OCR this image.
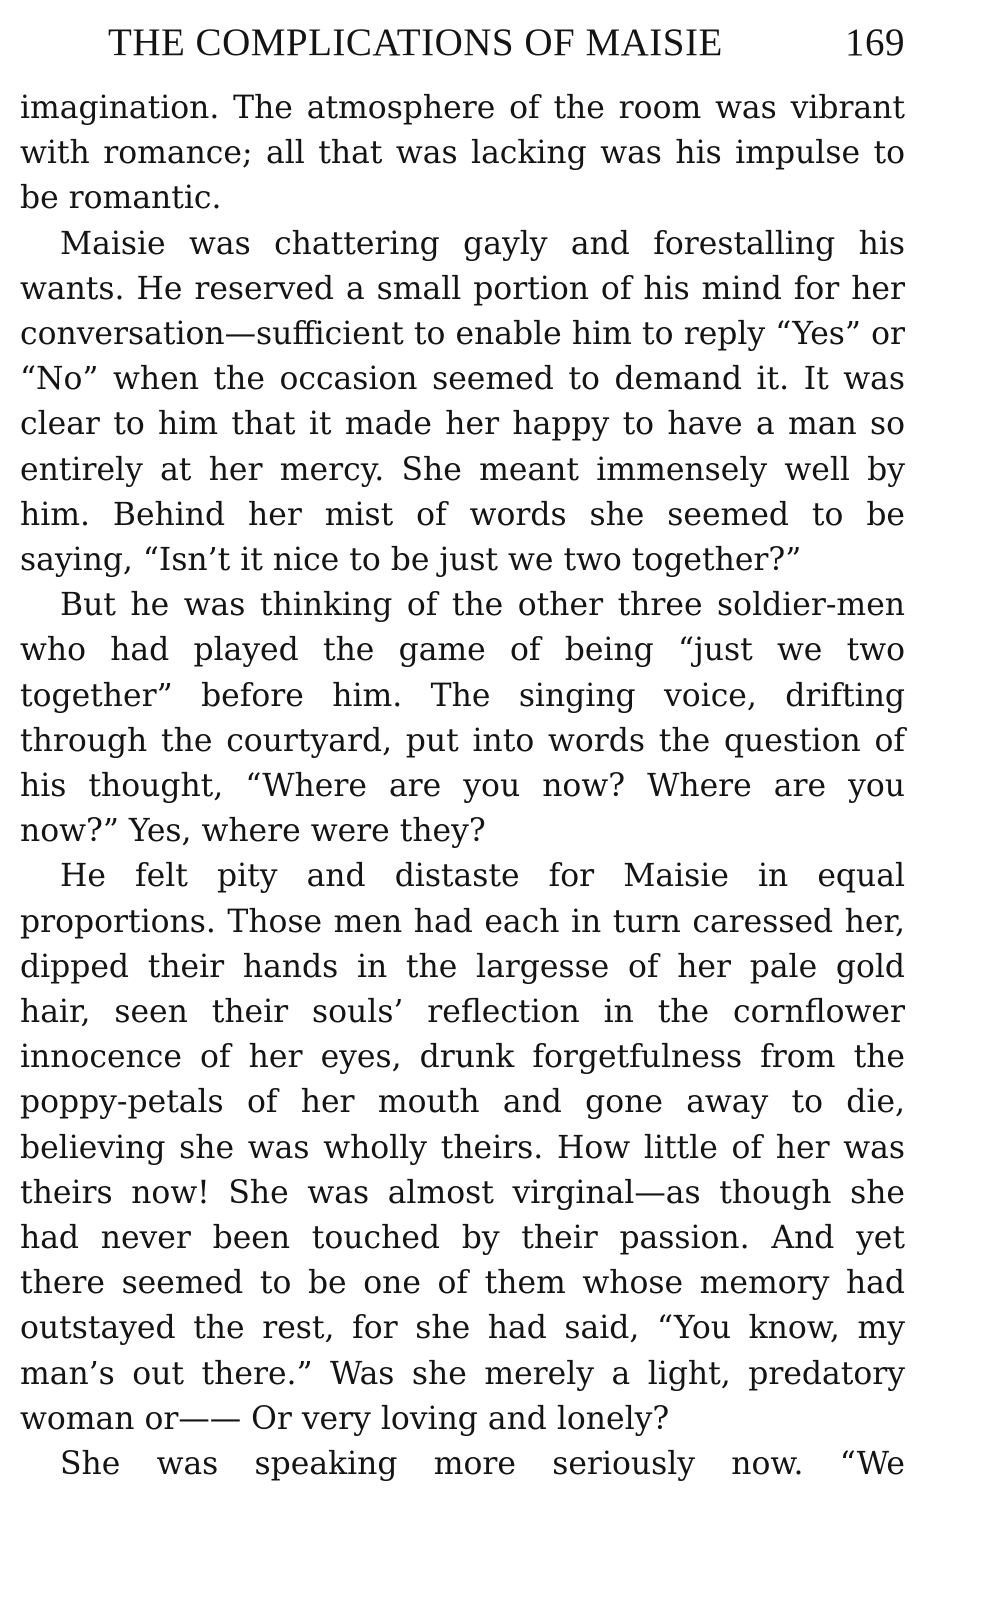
THE COMPLICATIONS OF MAISIE	169

imagination. The atmosphere of the room was vibrant with romance; all that was lacking was his impulse to be romantic.

Maisie was chattering gayly and forestalling his wants. He reserved a small portion of his mind for her conversation—sufficient to enable him to reply “Yes” or “No” when the occasion seemed to demand it. It was clear to him that it made her happy to have a man so entirely at her mercy. She meant immensely well by him. Behind her mist of words she seemed to be saying, “Isn’t it nice to be just we two together?”

But he was thinking of the other three soldier-men who had played the game of being “just we two together” before him. The singing voice, drifting through the courtyard, put into words the question of his thought, “Where are you now? Where are you now?” Yes, where were they?

He felt pity and distaste for Maisie in equal proportions. Those men had each in turn caressed her, dipped their hands in the largesse of her pale gold hair, seen their souls’ reflection in the cornflower innocence of her eyes, drunk forgetfulness from the poppy-petals of her mouth and gone away to die, believing she was wholly theirs. How little of her was theirs now! She was almost virginal—as though she had never been touched by their passion. And yet there seemed to be one of them whose memory had outstayed the rest, for she had said, “You know, my man’s out there.” Was she merely a light, predatory woman or—— Or very loving and lonely?

She was speaking more seriously now. “We
